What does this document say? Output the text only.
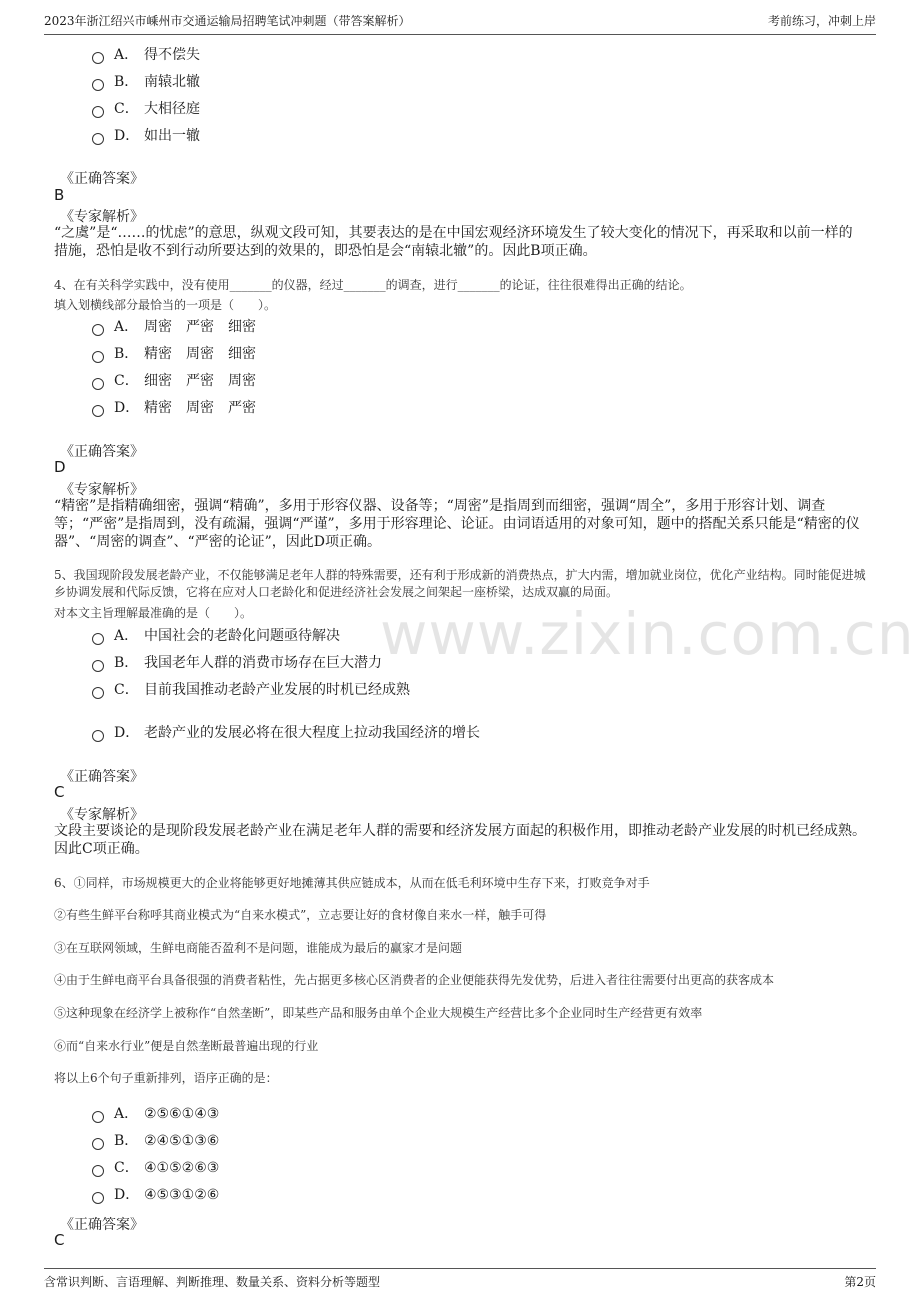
2023年浙江绍兴市嵊州市交通运输局招聘笔试冲刺题（带答案解析）	考前练习，冲刺上岸
www.zixin.com.cn
A． 得不偿失
B． 南辕北辙
C． 大相径庭
D． 如出一辙
《正确答案》
B
《专家解析》
“之虞”是“……的忧虑”的意思，纵观文段可知，其要表达的是在中国宏观经济环境发生了较大变化的情况下，再采取和以前一样的措施，恐怕是收不到行动所要达到的效果的，即恐怕是会“南辕北辙”的。因此B项正确。
4、在有关科学实践中，没有使用_______的仪器，经过_______的调查，进行_______的论证，往往很难得出正确的结论。
填入划横线部分最恰当的一项是（　　）。
A． 周密　严密　细密
B． 精密　周密　细密
C． 细密　严密　周密
D． 精密　周密　严密
《正确答案》
D
《专家解析》
“精密”是指精确细密，强调“精确”，多用于形容仪器、设备等；“周密”是指周到而细密，强调“周全”，多用于形容计划、调查等；“严密”是指周到，没有疏漏，强调“严谨”，多用于形容理论、论证。由词语适用的对象可知，题中的搭配关系只能是“精密的仪器”、“周密的调查”、“严密的论证”，因此D项正确。
5、我国现阶段发展老龄产业，不仅能够满足老年人群的特殊需要，还有利于形成新的消费热点，扩大内需，增加就业岗位，优化产业结构。同时能促进城乡协调发展和代际反馈，它将在应对人口老龄化和促进经济社会发展之间架起一座桥梁，达成双赢的局面。
对本文主旨理解最准确的是（　　）。
A． 中国社会的老龄化问题亟待解决
B． 我国老年人群的消费市场存在巨大潜力
C． 目前我国推动老龄产业发展的时机已经成熟
D． 老龄产业的发展必将在很大程度上拉动我国经济的增长
《正确答案》
C
《专家解析》
文段主要谈论的是现阶段发展老龄产业在满足老年人群的需要和经济发展方面起的积极作用，即推动老龄产业发展的时机已经成熟。因此C项正确。
6、①同样，市场规模更大的企业将能够更好地摊薄其供应链成本，从而在低毛利环境中生存下来，打败竞争对手
②有些生鲜平台称呼其商业模式为“自来水模式”，立志要让好的食材像自来水一样，触手可得
③在互联网领域，生鲜电商能否盈利不是问题，谁能成为最后的赢家才是问题
④由于生鲜电商平台具备很强的消费者粘性，先占据更多核心区消费者的企业便能获得先发优势，后进入者往往需要付出更高的获客成本
⑤这种现象在经济学上被称作“自然垄断”，即某些产品和服务由单个企业大规模生产经营比多个企业同时生产经营更有效率
⑥而“自来水行业”便是自然垄断最普遍出现的行业
将以上6个句子重新排列，语序正确的是：
A． ②⑤⑥①④③
B． ②④⑤①③⑥
C． ④①⑤②⑥③
D． ④⑤③①②⑥
《正确答案》
C
含常识判断、言语理解、判断推理、数量关系、资料分析等题型	第2页
